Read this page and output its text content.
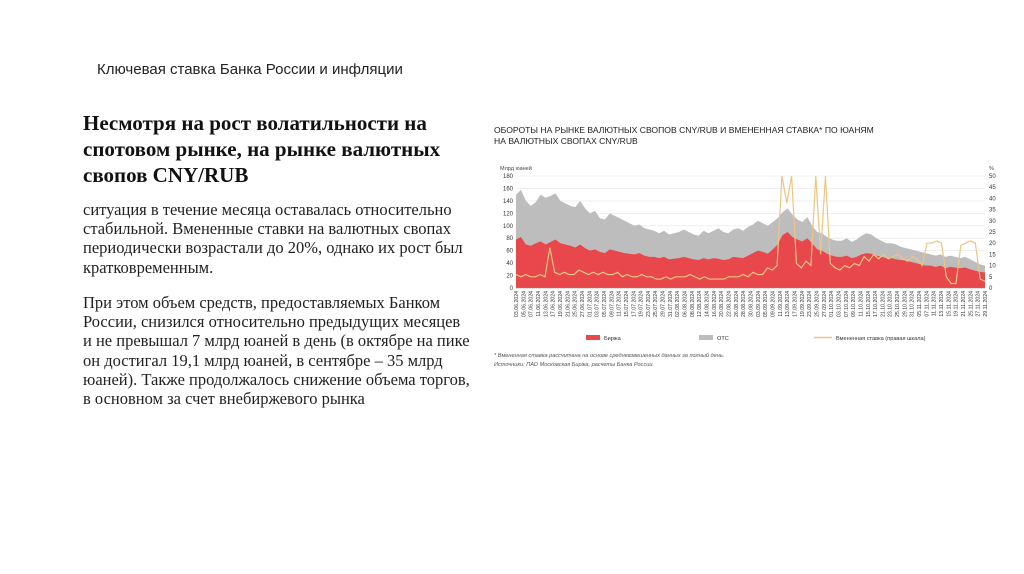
Ключевая ставка Банка России и инфляции
Несмотря на рост волатильности на спотовом рынке, на рынке валютных свопов CNY/RUB
ситуация в течение месяца оставалась относительно стабильной. Вмененные ставки на валютных свопах периодически возрастали до 20%, однако их рост был кратковременным.
При этом объем средств, предоставляемых Банком России, снизился относительно предыдущих месяцев и не превышал 7 млрд юаней в день (в октябре на пике он достигал 19,1 млрд юаней, в сентябре – 35 млрд юаней). Также продолжалось снижение объема торгов, в основном за счет внебиржевого рынка
ОБОРОТЫ НА РЫНКЕ ВАЛЮТНЫХ СВОПОВ CNY/RUB И ВМЕНЕННАЯ СТАВКА* ПО ЮАНЯМ
НА ВАЛЮТНЫХ СВОПАХ CNY/RUB
Млрд юаней	%
0
20
40
60
80
100
120
140
160
180
0
5
10
15
20
25
30
35
40
45
50
03.06.2024 05.06.2024 07.06.2024 11.06.2024 13.06.2024 17.06.2024 19.06.2024 21.06.2024 25.06.2024 27.06.2024 01.07.2024 03.07.2024 05.07.2024 09.07.2024 11.07.2024 15.07.2024 17.07.2024 19.07.2024 23.07.2024 25.07.2024 29.07.2024 31.07.2024 02.08.2024 06.08.2024 08.08.2024 12.08.2024 14.08.2024 16.08.2024 20.08.2024 22.08.2024 26.08.2024 28.08.2024 30.08.2024 03.09.2024 05.09.2024 09.09.2024 11.09.2024 13.09.2024 17.09.2024 19.09.2024 23.09.2024 25.09.2024 27.09.2024 01.10.2024 03.10.2024 07.10.2024 09.10.2024 11.10.2024 15.10.2024 17.10.2024 21.10.2024 23.10.2024 25.10.2024 29.10.2024 31.10.2024 05.11.2024 07.11.2024 11.11.2024 13.11.2024 15.11.2024 19.11.2024 21.11.2024 25.11.2024 27.11.2024 29.11.2024
Биржа	OTC	Вмененная ставка (правая шкала)
* Вмененная ставка рассчитана на основе средневзвешенных данных за полный день.
Источники: ПАО Московская Биржа, расчеты Банка России.
